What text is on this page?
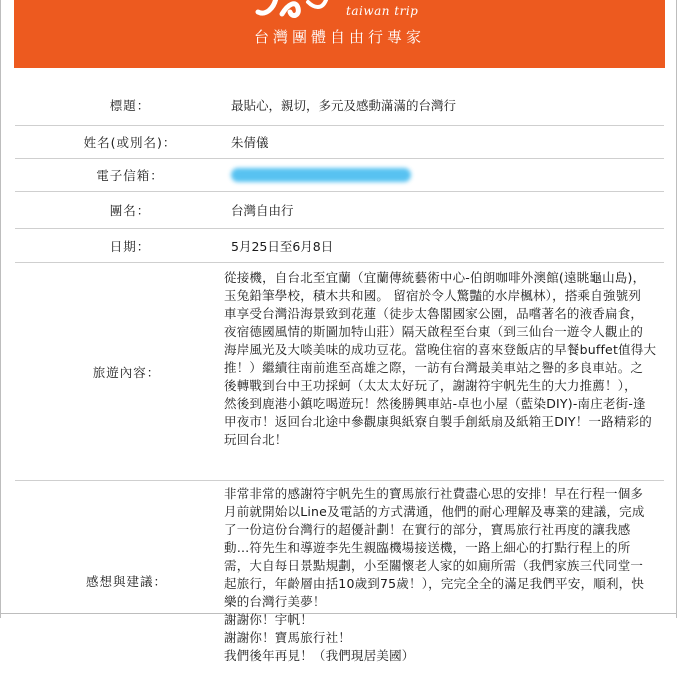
taiwan trip
台灣團體自由行專家
標題：	最貼心，親切，多元及感動滿滿的台灣行
姓名(或別名)：	朱倩儀
電子信箱：
團名：	台灣自由行
日期：	5月25日至6月8日
旅遊內容：
從接機，自台北至宜蘭（宜蘭傳統藝術中心-伯朗咖啡外澳館(遠眺龜山島)，
玉兔鉛筆學校，積木共和國。 留宿於令人驚豔的水岸楓林），搭乘自強號列
車享受台灣沿海景致到花蓮（徒步太魯閣國家公園，品嚐著名的液香扁食，
夜宿德國風情的斯圖加特山莊）隔天啟程至台東（到三仙台一遊令人觀止的
海岸風光及大啖美味的成功豆花。當晚住宿的喜來登飯店的早餐buffet值得大
推！）繼續往南前進至高雄之際，一訪有台灣最美車站之譽的多良車站。之
後轉戰到台中王功採蚵（太太太好玩了，謝謝符宇帆先生的大力推薦！），
然後到鹿港小鎮吃喝遊玩！然後勝興車站-卓也小屋（藍染DIY)-南庄老街-逢
甲夜市！返回台北途中參觀康與紙寮自製手創紙扇及紙箱王DIY！一路精彩的
玩回台北！
感想與建議：
非常非常的感謝符宇帆先生的寶馬旅行社費盡心思的安排！早在行程一個多
月前就開始以Line及電話的方式溝通，他們的耐心理解及專業的建議，完成
了一份這份台灣行的超優計劃！在實行的部分，寶馬旅行社再度的讓我感
動…符先生和導遊李先生親臨機場接送機，一路上細心的打點行程上的所
需，大自每日景點規劃，小至關懷老人家的如廁所需（我們家族三代同堂一
起旅行，年齡層由括10歲到75歲！），完完全全的滿足我們平安，順利，快
樂的台灣行美夢！
謝謝你！宇帆！
謝謝你！寶馬旅行社！
我們後年再見！（我們現居美國）
